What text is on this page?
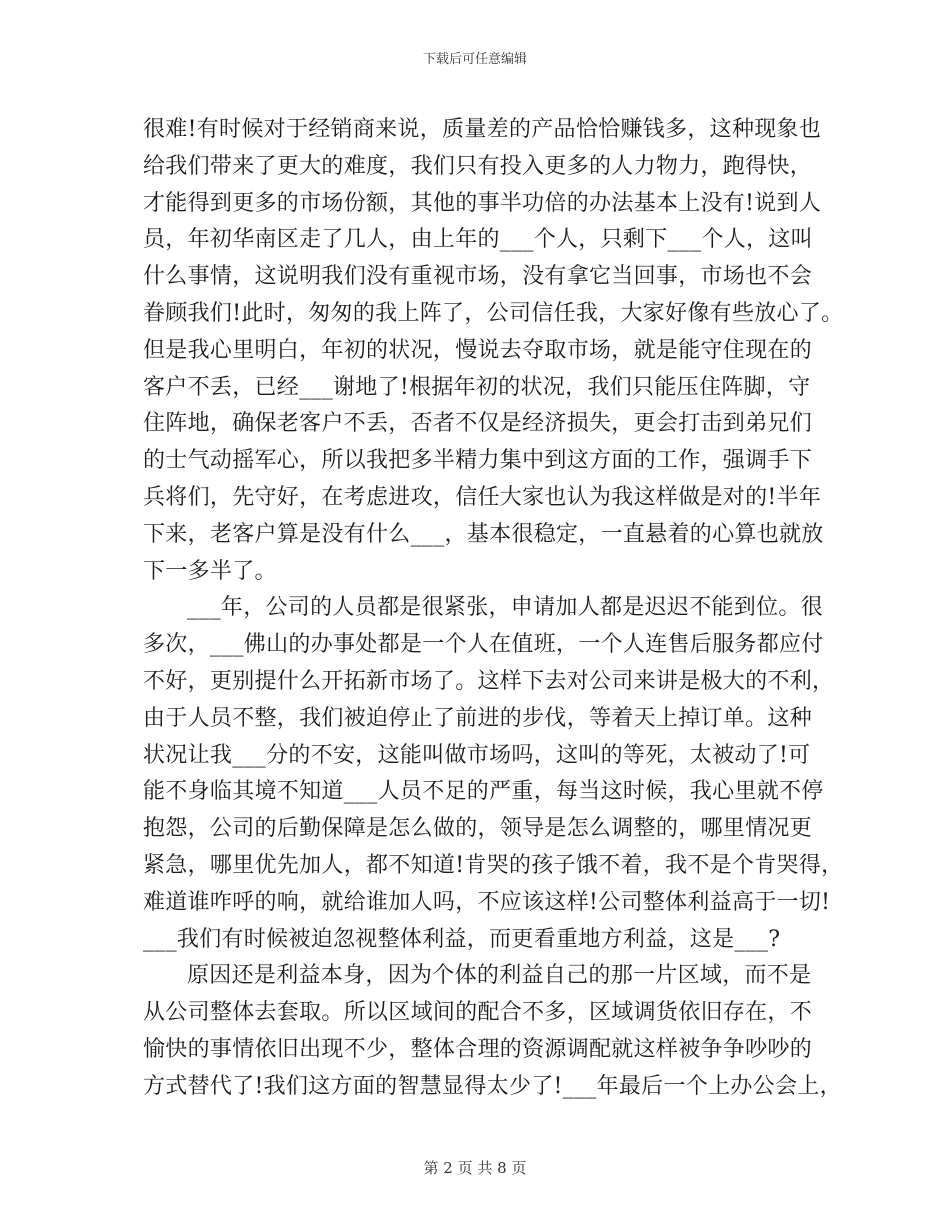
下载后可任意编辑
很难!有时候对于经销商来说，质量差的产品恰恰赚钱多，这种现象也
给我们带来了更大的难度，我们只有投入更多的人力物力，跑得快，
才能得到更多的市场份额，其他的事半功倍的办法基本上没有!说到人
员，年初华南区走了几人，由上年的___个人，只剩下___个人，这叫
什么事情，这说明我们没有重视市场，没有拿它当回事，市场也不会
眷顾我们!此时，匆匆的我上阵了，公司信任我，大家好像有些放心了。
但是我心里明白，年初的状况，慢说去夺取市场，就是能守住现在的
客户不丢，已经___谢地了!根据年初的状况，我们只能压住阵脚，守
住阵地，确保老客户不丢，否者不仅是经济损失，更会打击到弟兄们
的士气动摇军心，所以我把多半精力集中到这方面的工作，强调手下
兵将们，先守好，在考虑进攻，信任大家也认为我这样做是对的!半年
下来，老客户算是没有什么___，基本很稳定，一直悬着的心算也就放
下一多半了。
___年，公司的人员都是很紧张，申请加人都是迟迟不能到位。很
多次，___佛山的办事处都是一个人在值班，一个人连售后服务都应付
不好，更别提什么开拓新市场了。这样下去对公司来讲是极大的不利，
由于人员不整，我们被迫停止了前进的步伐，等着天上掉订单。这种
状况让我___分的不安，这能叫做市场吗，这叫的等死，太被动了!可
能不身临其境不知道___人员不足的严重，每当这时候，我心里就不停
抱怨，公司的后勤保障是怎么做的，领导是怎么调整的，哪里情况更
紧急，哪里优先加人，都不知道!肯哭的孩子饿不着，我不是个肯哭得，
难道谁咋呼的响，就给谁加人吗，不应该这样!公司整体利益高于一切!
___我们有时候被迫忽视整体利益，而更看重地方利益，这是___?
原因还是利益本身，因为个体的利益自己的那一片区域，而不是
从公司整体去套取。所以区域间的配合不多，区域调货依旧存在，不
愉快的事情依旧出现不少，整体合理的资源调配就这样被争争吵吵的
方式替代了!我们这方面的智慧显得太少了!___年最后一个上办公会上，
第 2 页 共 8 页
